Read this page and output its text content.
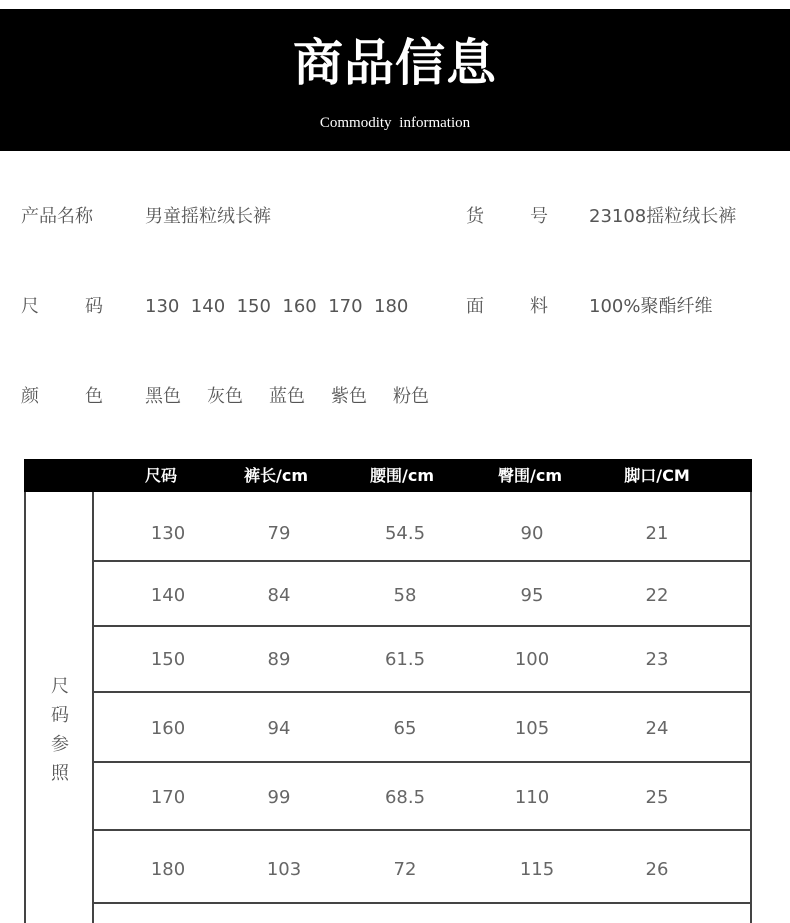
商品信息
Commodity information
产品名称	男童摇粒绒长裤	货	号 23108摇粒绒长裤
尺	码 130  140  150  160  170  180	面	料 100%聚酯纤维
颜	色 黑色 灰色 蓝色 紫色 粉色
尺码	裤长/cm	腰围/cm	臀围/cm	脚口/CM
130	79	54.5	90	21
140	84	58	95	22
150	89	61.5	100	23
160	94	65	105	24
170	99	68.5	110	25
180	103	72	115	26
尺
码
参
照
